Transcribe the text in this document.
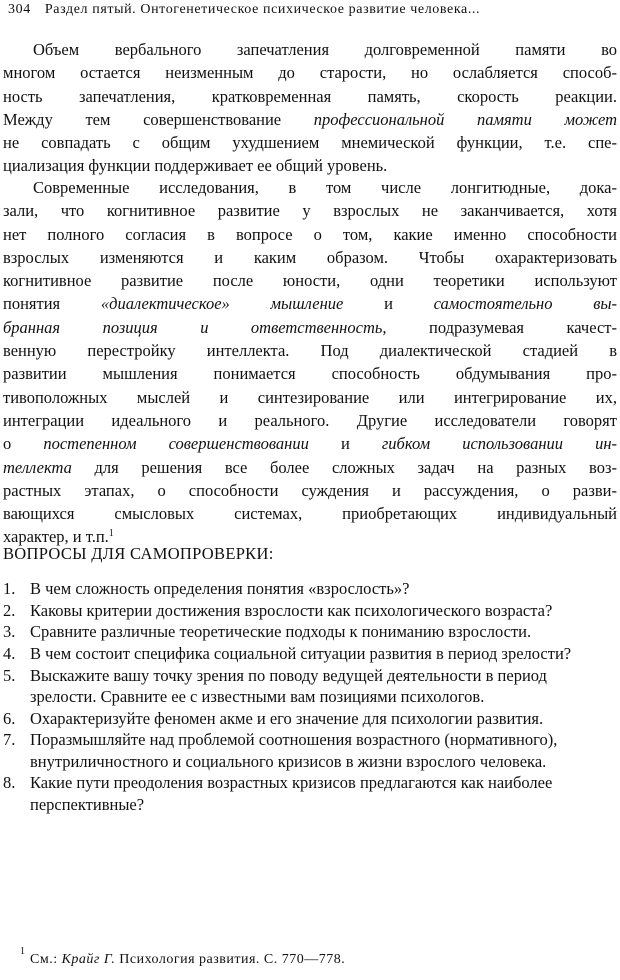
304 Раздел пятый. Онтогенетическое психическое развитие человека...
Объем вербального запечатления долговременной памяти во
многом остается неизменным до старости, но ослабляется способ-
ность запечатления, кратковременная память, скорость реакции.
Между тем совершенствование профессиональной памяти может
не совпадать с общим ухудшением мнемической функции, т.е. спе-
циализация функции поддерживает ее общий уровень.
Современные исследования, в том числе лонгитюдные, дока-
зали, что когнитивное развитие у взрослых не заканчивается, хотя
нет полного согласия в вопросе о том, какие именно способности
взрослых изменяются и каким образом. Чтобы охарактеризовать
когнитивное развитие после юности, одни теоретики используют
понятия «диалектическое» мышление и самостоятельно вы-
бранная позиция и ответственность,	подразумевая качест-
венную перестройку интеллекта. Под диалектической стадией в
развитии мышления понимается способность обдумывания про-
тивоположных мыслей и синтезирование или интегрирование их,
интеграции идеального и реального. Другие исследователи говорят
о постепенном совершенствовании и гибком использовании ин-
теллекта для решения все более сложных задач на разных воз-
растных этапах, о способности суждения и рассуждения, о разви-
вающихся смысловых системах, приобретающих индивидуальный
характер, и т.п.$^1$
ВОПРОСЫ ДЛЯ САМОПРОВЕРКИ:
1. В чем сложность определения понятия «взрослость»?
2. Каковы критерии достижения взрослости как психологического возраста?
3. Сравните различные теоретические подходы к пониманию взрослости.
4. В чем состоит специфика социальной ситуации развития в период зрелости?
5. Выскажите вашу точку зрения по поводу ведущей деятельности в период зрелости. Сравните ее с известными вам позициями психологов.
6. Охарактеризуйте феномен акме и его значение для психологии развития.
7. Поразмышляйте над проблемой соотношения возрастного (нормативного), внутриличностного и социального кризисов в жизни взрослого человека.
8. Какие пути преодоления возрастных кризисов предлагаются как наиболее перспективные?
1
См.: Крайг Г. Психология развития. С. 770—778.
